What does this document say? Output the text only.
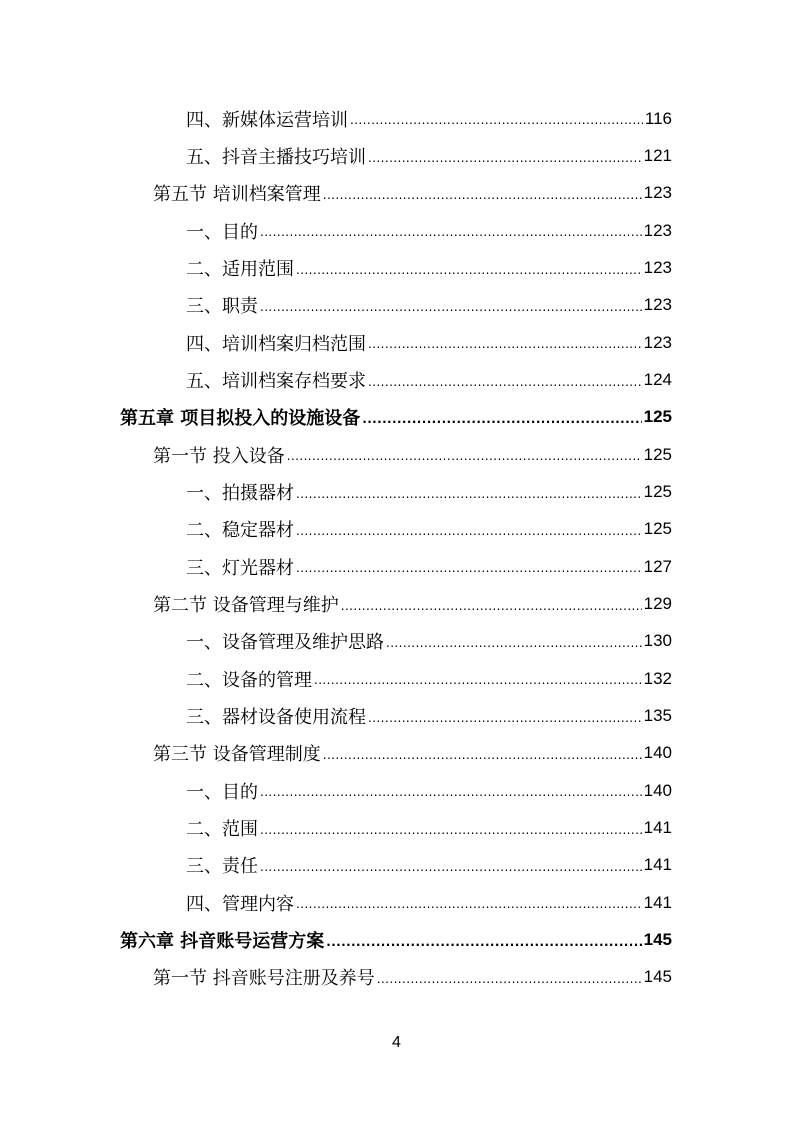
四、新媒体运营培训 .....	116
五、抖音主播技巧培训 .....	121
第五节 培训档案管理 .....	123
一、目的 .....	123
二、适用范围 .....	123
三、职责 .....	123
四、培训档案归档范围 .....	123
五、培训档案存档要求 .....	124
第五章 项目拟投入的设施设备 .....	125
第一节 投入设备 .....	125
一、拍摄器材 .....	125
二、稳定器材 .....	125
三、灯光器材 .....	127
第二节 设备管理与维护 .....	129
一、设备管理及维护思路 .....	130
二、设备的管理 .....	132
三、器材设备使用流程 .....	135
第三节 设备管理制度 .....	140
一、目的 .....	140
二、范围 .....	141
三、责任 .....	141
四、管理内容 .....	141
第六章 抖音账号运营方案 .....	145
第一节 抖音账号注册及养号 .....	145
4
